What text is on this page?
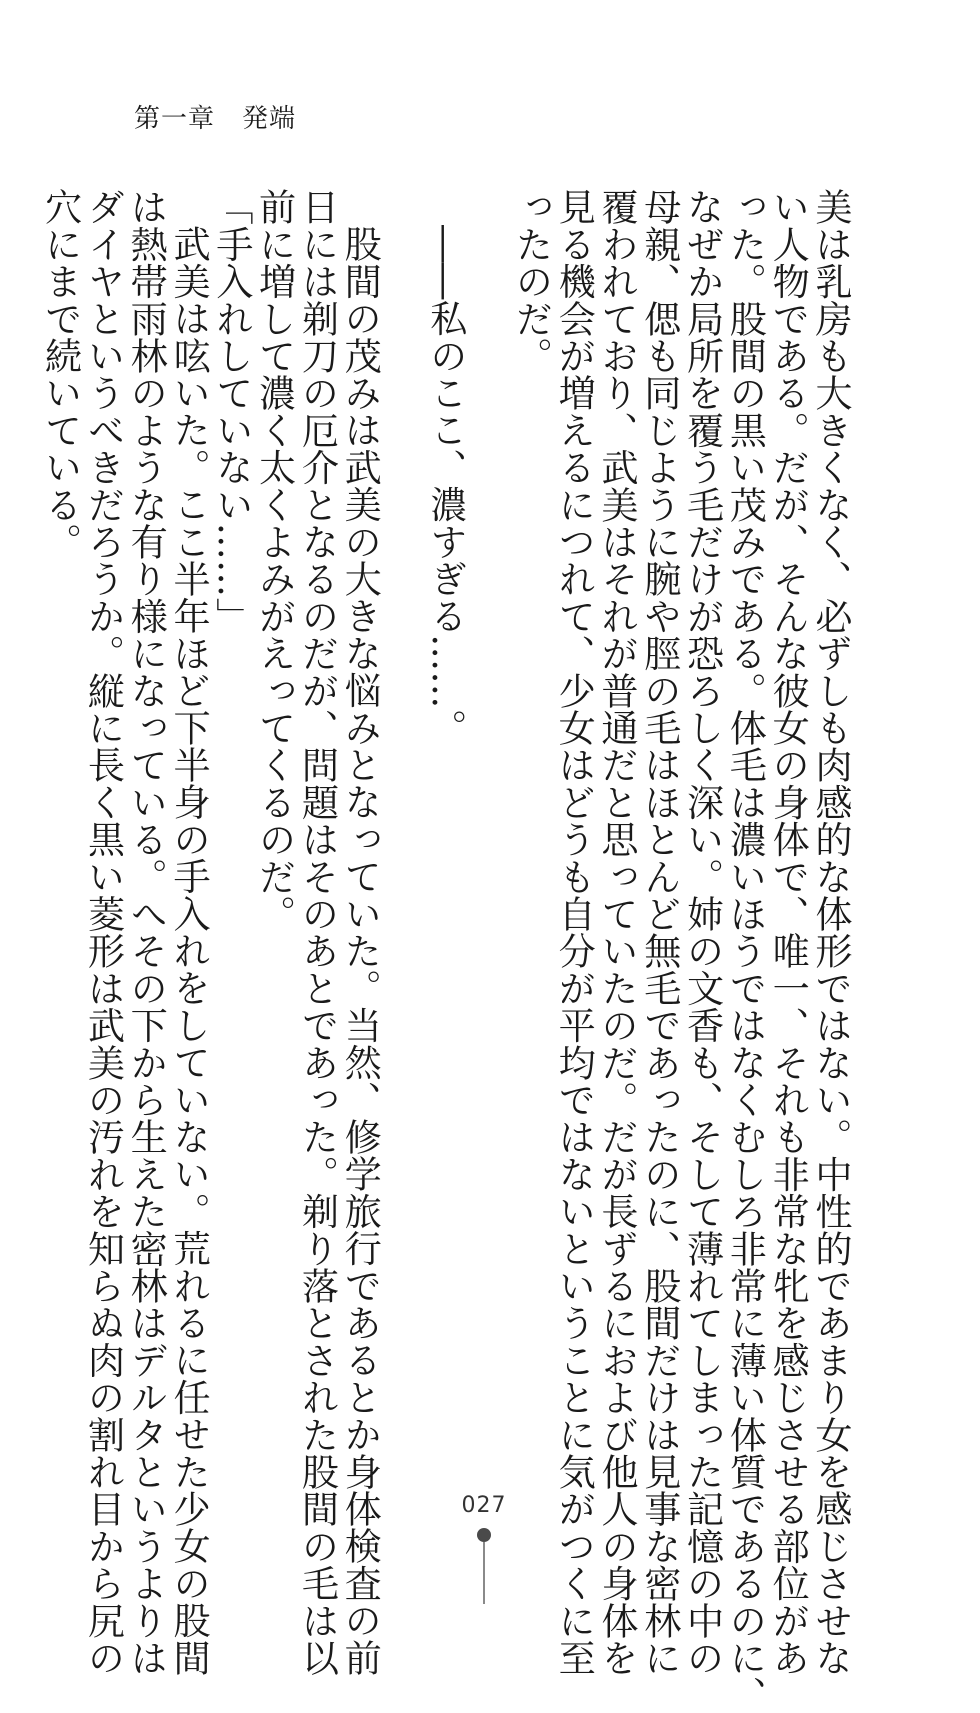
第一章　発端
美は乳房も大きくなく、必ずしも肉感的な体形ではない。中性的であまり女を感じさせな
い人物である。だが、そんな彼女の身体で、唯一、それも非常な牝を感じさせる部位があ
った。股間の黒い茂みである。体毛は濃いほうではなくむしろ非常に薄い体質であるのに、
なぜか局所を覆う毛だけが恐ろしく深い。姉の文香も、そして薄れてしまった記憶の中の
母親、偲も同じように腕や脛の毛はほとんど無毛であったのに、股間だけは見事な密林に
覆われており、武美はそれが普通だと思っていたのだ。だが長ずるにおよび他人の身体を
見る機会が増えるにつれて、少女はどうも自分が平均ではないということに気がつくに至
ったのだ。

――私のここ、濃すぎる……。

股間の茂みは武美の大きな悩みとなっていた。当然、修学旅行であるとか身体検査の前
日には剃刀の厄介となるのだが、問題はそのあとであった。剃り落とされた股間の毛は以
前に増して濃く太くよみがえってくるのだ。
「手入れしていない……」
武美は呟いた。ここ半年ほど下半身の手入れをしていない。荒れるに任せた少女の股間
は熱帯雨林のような有り様になっている。へその下から生えた密林はデルタというよりは
ダイヤというべきだろうか。縦に長く黒い菱形は武美の汚れを知らぬ肉の割れ目から尻の
穴にまで続いている。
027
